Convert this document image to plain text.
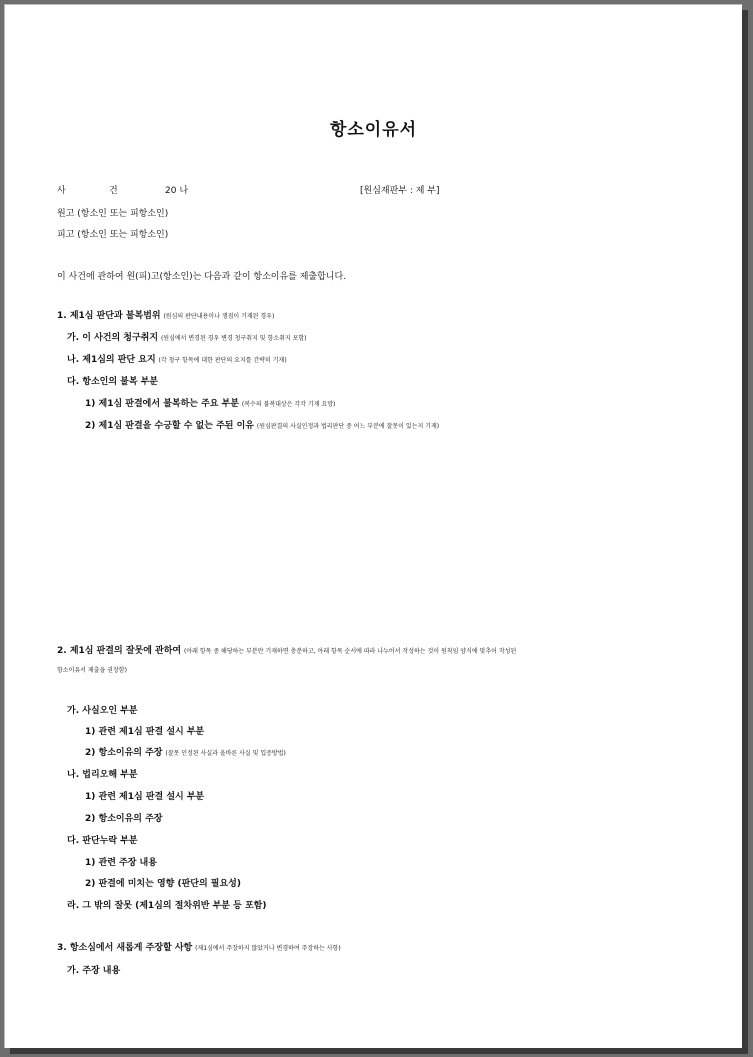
항소이유서
사	건	20 나	[원심재판부 : 제 부]
원고 (항소인 또는 피항소인)
피고 (항소인 또는 피항소인)
이 사건에 관하여 원(피)고(항소인)는 다음과 같이 항소이유를 제출합니다.
1. 제1심 판단과 불복범위 (원심의 판단내용이나 쟁점이 기재된 경우)
가. 이 사건의 청구취지 (원심에서 변경된 경우 변경 청구취지 및 항소취지 포함)
나. 제1심의 판단 요지 (각 청구 항목에 대한 판단의 요지를 간략히 기재)
다. 항소인의 불복 부분
1) 제1심 판결에서 불복하는 주요 부분 (복수의 불복대상은 각각 기재 요망)
2) 제1심 판결을 수긍할 수 없는 주된 이유 (원심판결의 사실인정과 법리판단 중 어느 부분에 잘못이 있는지 기재)
2. 제1심 판결의 잘못에 관하여 (아래 항목 중 해당하는 부분만 기재하면 충분하고, 아래 항목 순서에 따라 나누어서 작성하는 것이 원칙임 양식에 맞추어 작성된
항소이유서 제출을 권장함)
가. 사실오인 부분
1) 관련 제1심 판결 설시 부분
2) 항소이유의 주장 (잘못 인정된 사실과 올바른 사실 및 입증방법)
나. 법리오해 부분
1) 관련 제1심 판결 설시 부분
2) 항소이유의 주장
다. 판단누락 부분
1) 관련 주장 내용
2) 판결에 미치는 영향 (판단의 필요성)
라. 그 밖의 잘못 (제1심의 절차위반 부분 등 포함)
3. 항소심에서 새롭게 주장할 사항 (제1심에서 주장하지 않았거나 변경하여 주장하는 사항)
가. 주장 내용
